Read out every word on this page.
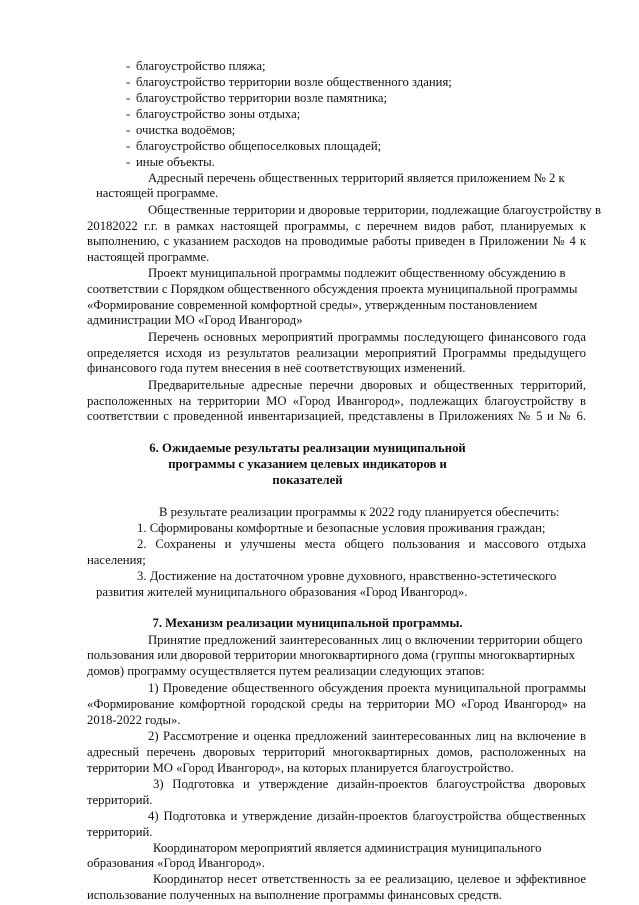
- благоустройство пляжа;
- благоустройство территории возле общественного здания;
- благоустройство территории возле памятника;
- благоустройство зоны отдыха;
- очистка водоёмов;
- благоустройство общепоселковых площадей;
- иные объекты.

Адресный перечень общественных территорий является приложением № 2 к

настоящей программе.

Общественные территории и дворовые территории, подлежащие благоустройству в

20182022 г.г. в рамках настоящей программы, с перечнем видов работ, планируемых к

выполнению, с указанием расходов на проводимые работы приведен в Приложении № 4 к

настоящей программе.

Проект муниципальной программы подлежит общественному обсуждению в

соответствии с Порядком общественного обсуждения проекта муниципальной программы

«Формирование современной комфортной среды», утвержденным постановлением

администрации МО «Город Ивангород»

Перечень основных мероприятий программы последующего финансового года

определяется исходя из результатов реализации мероприятий Программы предыдущего

финансового года путем внесения в неё соответствующих изменений.

Предварительные адресные перечни дворовых и общественных территорий,

расположенных на территории МО «Город Ивангород», подлежащих благоустройству в

соответствии с проведенной инвентаризацией, представлены в Приложениях № 5 и № 6.

6. Ожидаемые результаты реализации муниципальной

программы с указанием целевых индикаторов и

показателей

В результате реализации программы к 2022 году планируется обеспечить:

1. Сформированы комфортные и безопасные условия проживания граждан;

2. Сохранены и улучшены места общего пользования и массового отдыха

населения;

3. Достижение на достаточном уровне духовного, нравственно-эстетического

развития жителей муниципального образования «Город Ивангород».

7. Механизм реализации муниципальной программы.

Принятие предложений заинтересованных лиц о включении территории общего

пользования или дворовой территории многоквартирного дома (группы многоквартирных

домов) программу осуществляется путем реализации следующих этапов:

1) Проведение общественного обсуждения проекта муниципальной программы

«Формирование комфортной городской среды на территории МО «Город Ивангород» на

2018-2022 годы».

2) Рассмотрение и оценка предложений заинтересованных лиц на включение в

адресный перечень дворовых территорий многоквартирных домов, расположенных на

территории МО «Город Ивангород», на которых планируется благоустройство.

3) Подготовка и утверждение дизайн-проектов благоустройства дворовых

территорий.

4) Подготовка и утверждение дизайн-проектов благоустройства общественных

территорий.

Координатором мероприятий является администрация муниципального

образования «Город Ивангород».

Координатор несет ответственность за ее реализацию, целевое и эффективное

использование полученных на выполнение программы финансовых средств.
